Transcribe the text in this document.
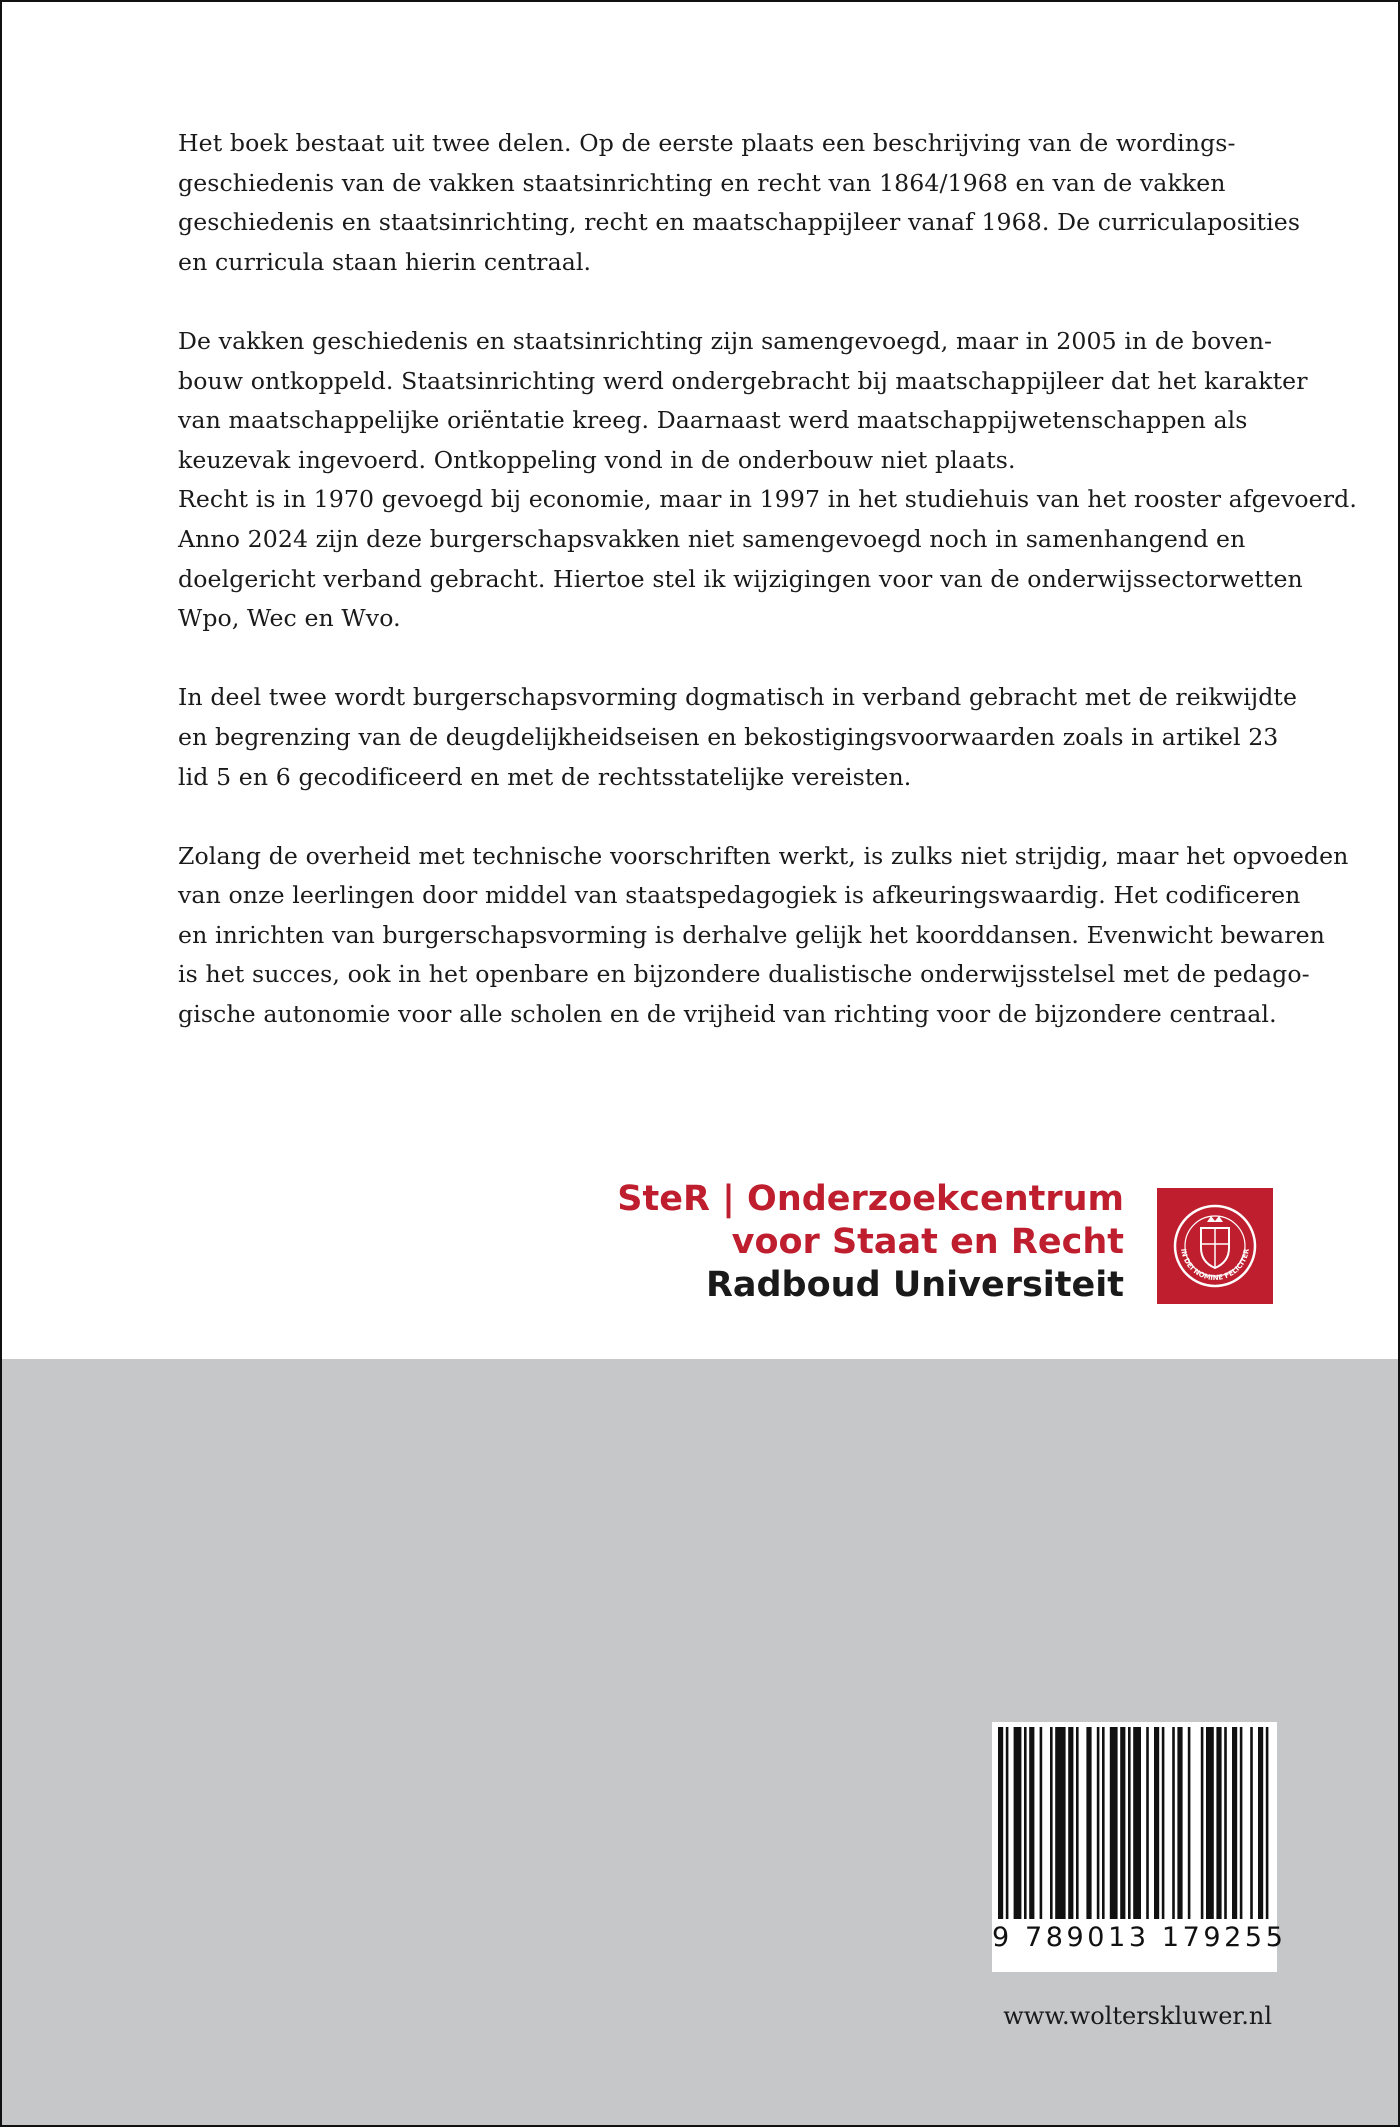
Het boek bestaat uit twee delen. Op de eerste plaats een beschrijving van de wordings-
geschiedenis van de vakken staatsinrichting en recht van 1864/1968 en van de vakken
geschiedenis en staatsinrichting, recht en maatschappijleer vanaf 1968. De curriculaposities
en curricula staan hierin centraal.
De vakken geschiedenis en staatsinrichting zijn samengevoegd, maar in 2005 in de boven-
bouw ontkoppeld. Staatsinrichting werd ondergebracht bij maatschappijleer dat het karakter
van maatschappelijke oriëntatie kreeg. Daarnaast werd maatschappijwetenschappen als
keuzevak ingevoerd. Ontkoppeling vond in de onderbouw niet plaats.
Recht is in 1970 gevoegd bij economie, maar in 1997 in het studiehuis van het rooster afgevoerd.
Anno 2024 zijn deze burgerschapsvakken niet samengevoegd noch in samenhangend en
doelgericht verband gebracht. Hiertoe stel ik wijzigingen voor van de onderwijssectorwetten
Wpo, Wec en Wvo.
In deel twee wordt burgerschapsvorming dogmatisch in verband gebracht met de reikwijdte
en begrenzing van de deugdelijkheidseisen en bekostigingsvoorwaarden zoals in artikel 23
lid 5 en 6 gecodificeerd en met de rechtsstatelijke vereisten.
Zolang de overheid met technische voorschriften werkt, is zulks niet strijdig, maar het opvoeden
van onze leerlingen door middel van staatspedagogiek is afkeuringswaardig. Het codificeren
en inrichten van burgerschapsvorming is derhalve gelijk het koorddansen. Evenwicht bewaren
is het succes, ook in het openbare en bijzondere dualistische onderwijsstelsel met de pedago-
gische autonomie voor alle scholen en de vrijheid van richting voor de bijzondere centraal.
SteR | Onderzoekcentrum
voor Staat en Recht
Radboud Universiteit
IN DEI NOMINE FELICITER
9 789013 179255
www.wolterskluwer.nl
